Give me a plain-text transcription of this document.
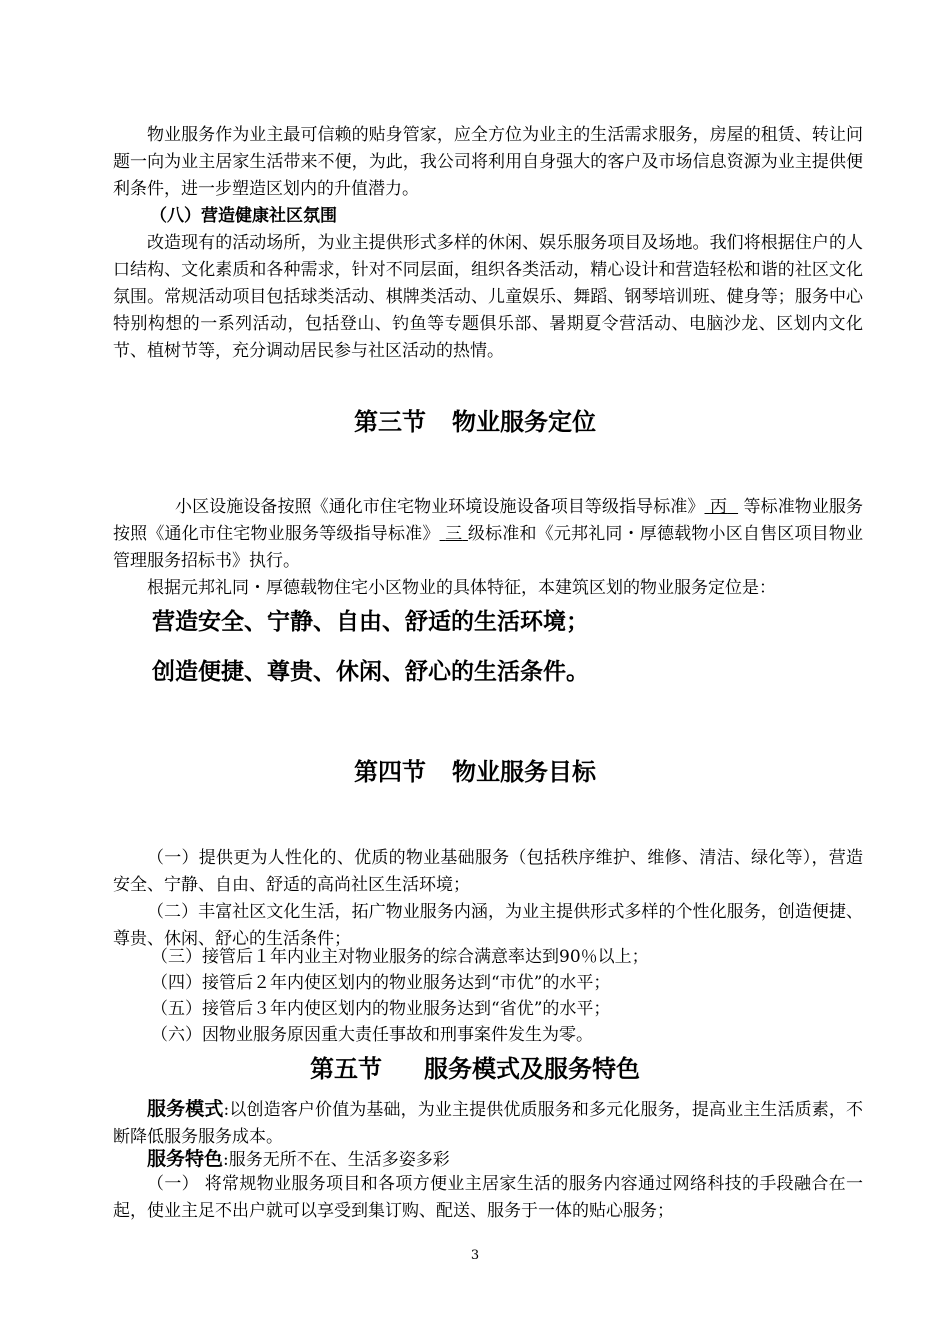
物业服务作为业主最可信赖的贴身管家，应全方位为业主的生活需求服务，房屋的租赁、转让问题一向为业主居家生活带来不便，为此，我公司将利用自身强大的客户及市场信息资源为业主提供便利条件，进一步塑造区划内的升值潜力。

（八）营造健康社区氛围

改造现有的活动场所，为业主提供形式多样的休闲、娱乐服务项目及场地。我们将根据住户的人口结构、文化素质和各种需求，针对不同层面，组织各类活动，精心设计和营造轻松和谐的社区文化氛围。常规活动项目包括球类活动、棋牌类活动、儿童娱乐、舞蹈、钢琴培训班、健身等；服务中心特别构想的一系列活动，包括登山、钓鱼等专题俱乐部、暑期夏令营活动、电脑沙龙、区划内文化节、植树节等，充分调动居民参与社区活动的热情。

第三节 物业服务定位

小区设施设备按照《通化市住宅物业环境设施设备项目等级指导标准》 丙 等标准物业服务按照《通化市住宅物业服务等级指导标准》 三 级标准和《元邦礼同・厚德载物小区自售区项目物业管理服务招标书》执行。

根据元邦礼同・厚德载物住宅小区物业的具体特征，本建筑区划的物业服务定位是：

营造安全、宁静、自由、舒适的生活环境；

创造便捷、尊贵、休闲、舒心的生活条件。

第四节 物业服务目标

（一）提供更为人性化的、优质的物业基础服务（包括秩序维护、维修、清洁、绿化等），营造安全、宁静、自由、舒适的高尚社区生活环境；

（二）丰富社区文化生活，拓广物业服务内涵，为业主提供形式多样的个性化服务，创造便捷、尊贵、休闲、舒心的生活条件；

（三）接管后１年内业主对物业服务的综合满意率达到90％以上；

（四）接管后２年内使区划内的物业服务达到“市优”的水平；

（五）接管后３年内使区划内的物业服务达到“省优”的水平；

（六）因物业服务原因重大责任事故和刑事案件发生为零。

第五节 服务模式及服务特色

服务模式:以创造客户价值为基础，为业主提供优质服务和多元化服务，提高业主生活质素，不断降低服务服务成本。

服务特色:服务无所不在、生活多姿多彩

（一） 将常规物业服务项目和各项方便业主居家生活的服务内容通过网络科技的手段融合在一起，使业主足不出户就可以享受到集订购、配送、服务于一体的贴心服务；

3
